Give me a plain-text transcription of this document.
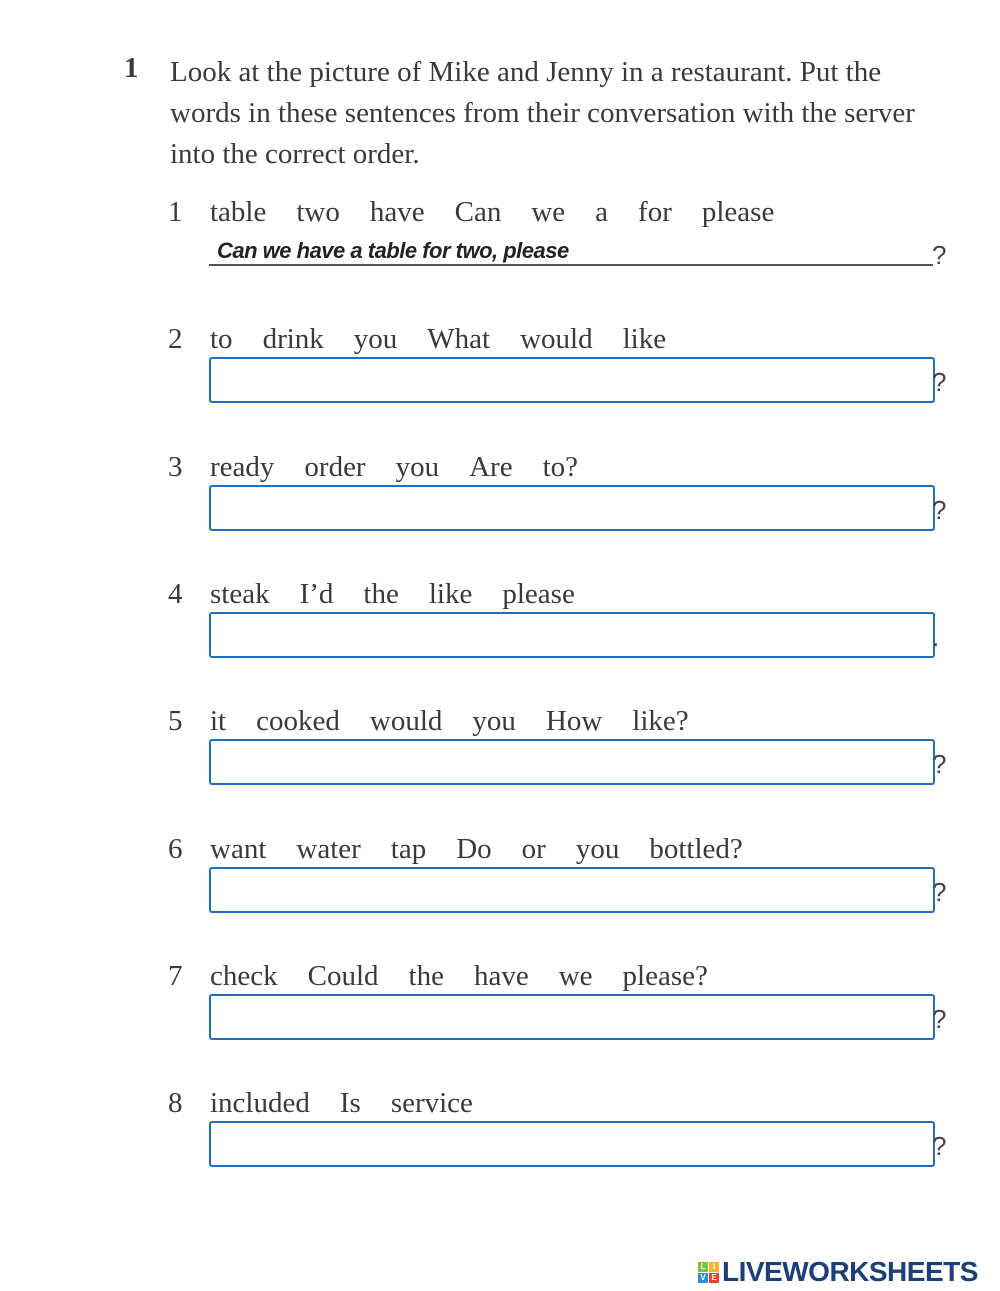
1 Look at the picture of Mike and Jenny in a restaurant. Put the words in these sentences from their conversation with the server into the correct order.
1 table two have Can we a for please
Can we have a table for two, please	?
2 to drink you What would like
?
3 ready order you Are to?
?
4 steak I’d the like please
.
5 it cooked would you How like?
?
6 want water tap Do or you bottled?
?
7 check Could the have we please?
?
8 included Is service
?
L I
V E LIVEWORKSHEETS
